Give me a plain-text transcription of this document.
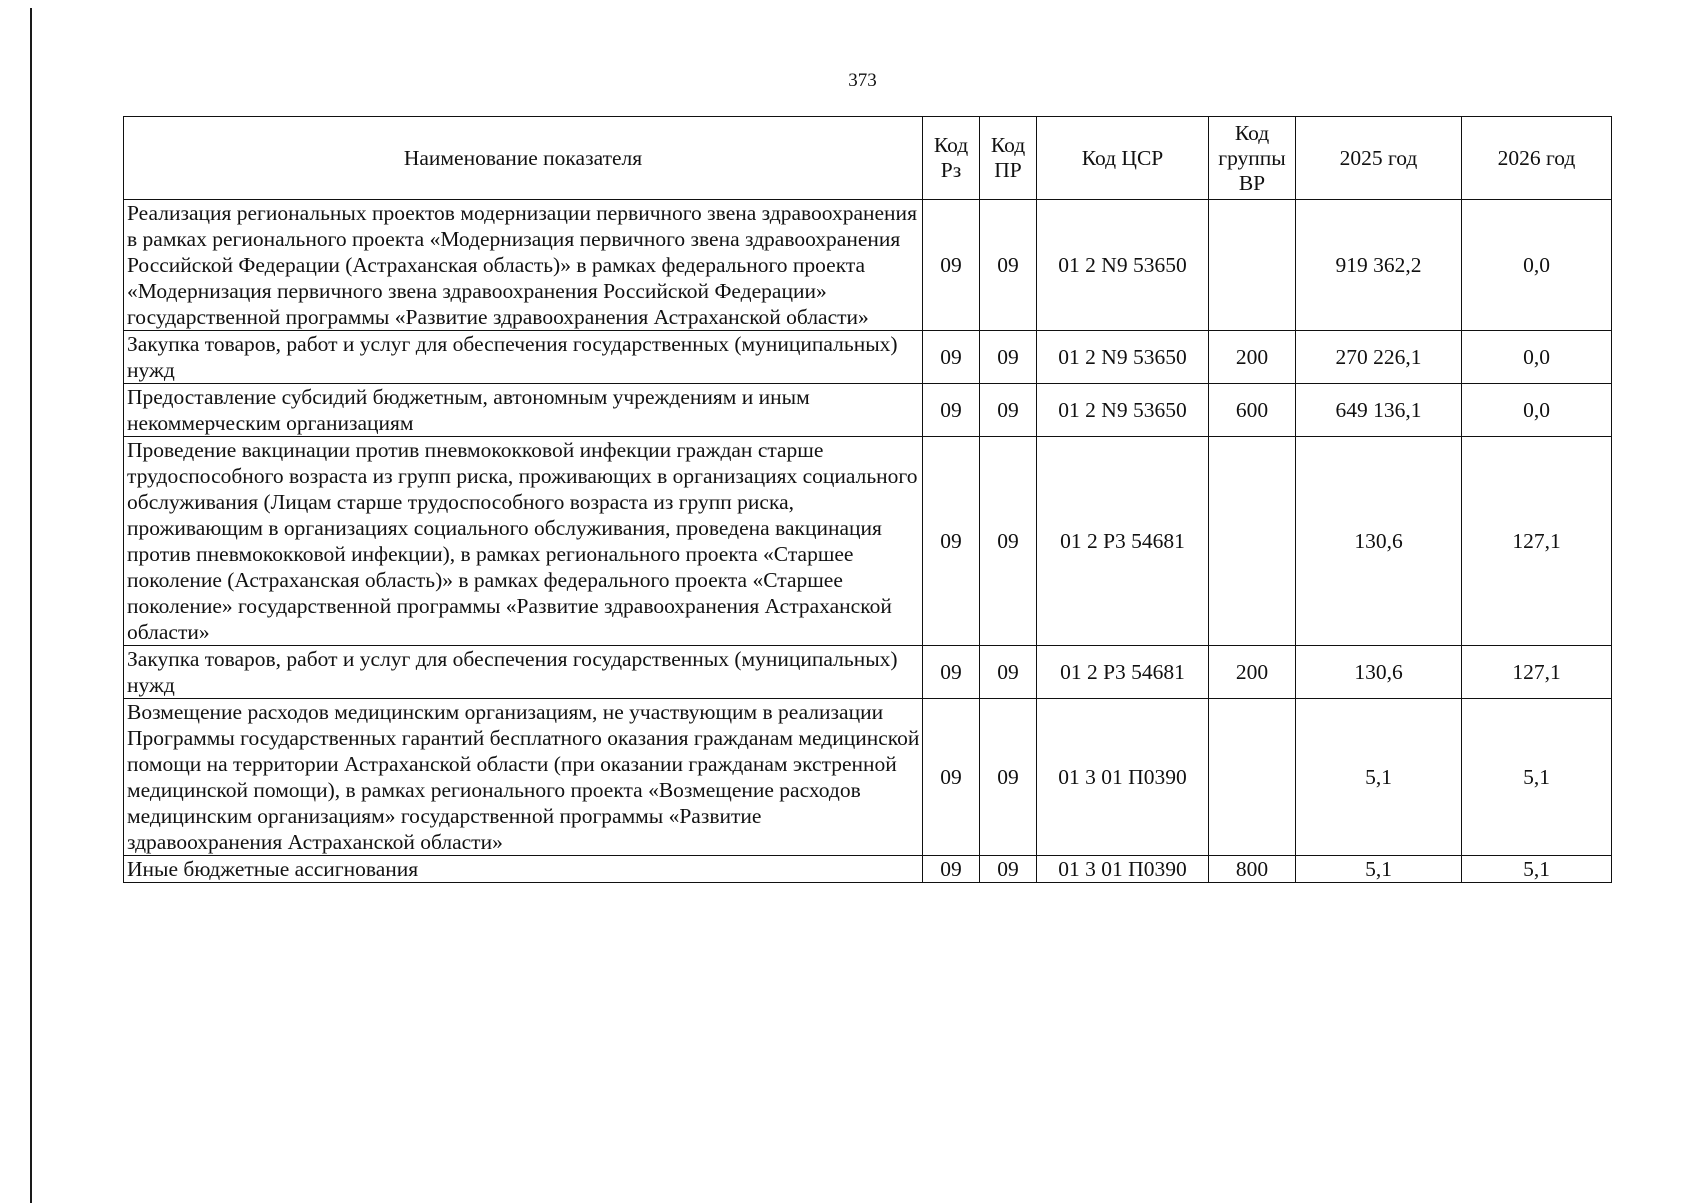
373
Наименование показателя	Код Рз	Код ПР	Код ЦСР	Код группы ВР	2025 год	2026 год
Реализация региональных проектов модернизации первичного звена здравоохранения в рамках регионального проекта «Модернизация первичного звена здравоохранения Российской Федерации (Астраханская область)» в рамках федерального проекта «Модернизация первичного звена здравоохранения Российской Федерации» государственной программы «Развитие здравоохранения Астраханской области»	09	09	01 2 N9 53650		919 362,2	0,0
Закупка товаров, работ и услуг для обеспечения государственных (муниципальных) нужд	09	09	01 2 N9 53650	200	270 226,1	0,0
Предоставление субсидий бюджетным, автономным учреждениям и иным некоммерческим организациям	09	09	01 2 N9 53650	600	649 136,1	0,0
Проведение вакцинации против пневмококковой инфекции граждан старше трудоспособного возраста из групп риска, проживающих в организациях социального обслуживания (Лицам старше трудоспособного возраста из групп риска, проживающим в организациях социального обслуживания, проведена вакцинация против пневмококковой инфекции), в рамках регионального проекта «Старшее поколение (Астраханская область)» в рамках федерального проекта «Старшее поколение» государственной программы «Развитие здравоохранения Астраханской области»	09	09	01 2 Р3 54681		130,6	127,1
Закупка товаров, работ и услуг для обеспечения государственных (муниципальных) нужд	09	09	01 2 Р3 54681	200	130,6	127,1
Возмещение расходов медицинским организациям, не участвующим в реализации Программы государственных гарантий бесплатного оказания гражданам медицинской помощи на территории Астраханской области (при оказании гражданам экстренной медицинской помощи), в рамках регионального проекта «Возмещение расходов медицинским организациям» государственной программы «Развитие здравоохранения Астраханской области»	09	09	01 3 01 П0390		5,1	5,1
Иные бюджетные ассигнования	09	09	01 3 01 П0390	800	5,1	5,1
